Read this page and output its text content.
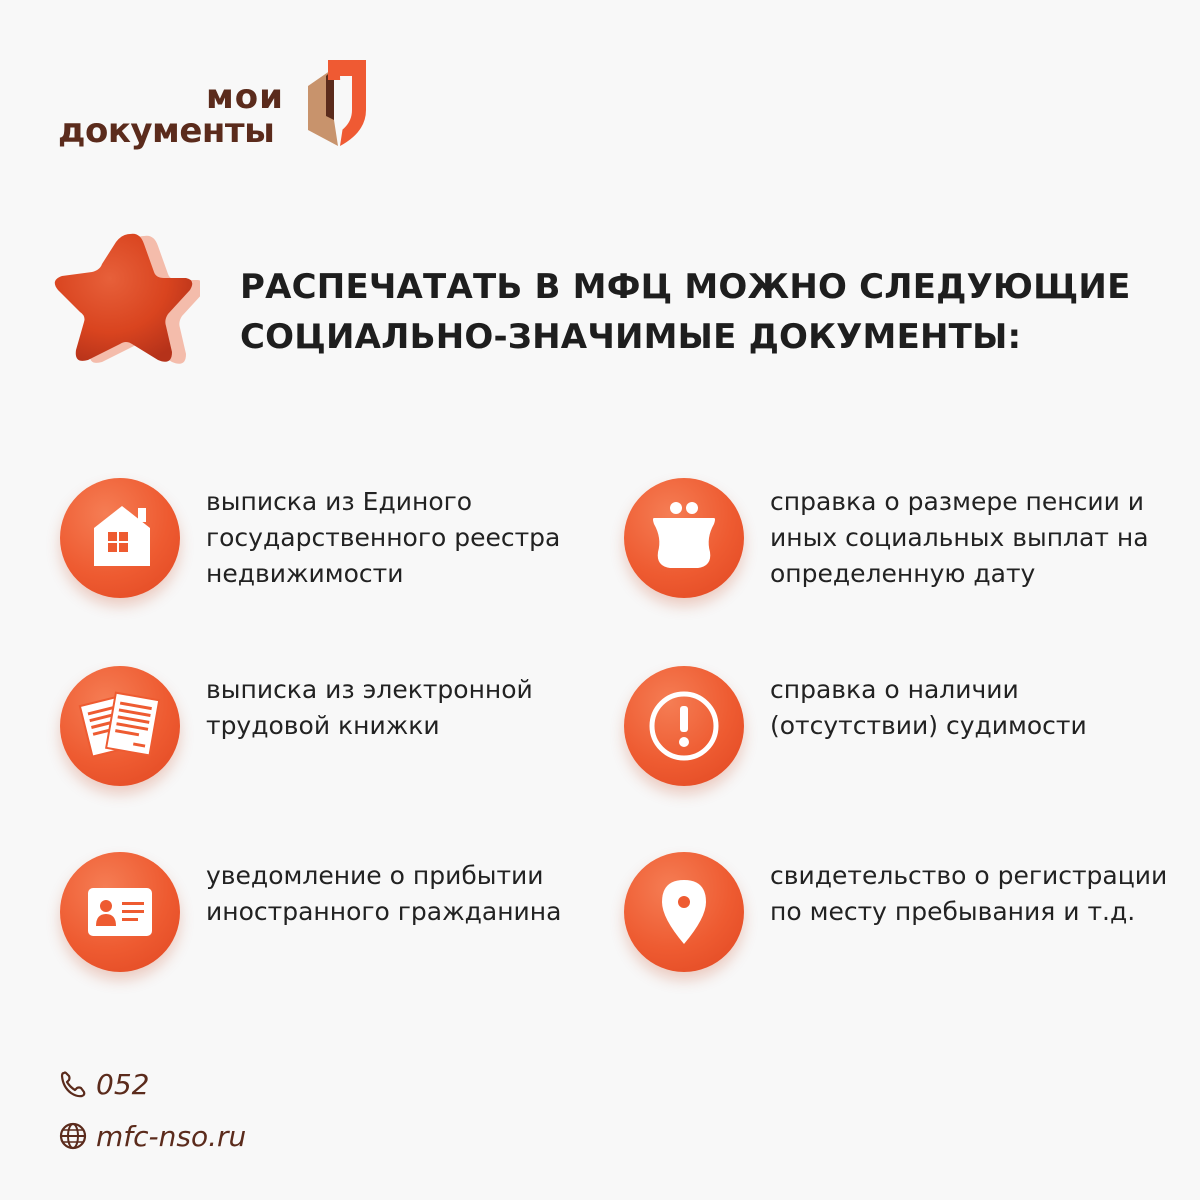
мои
документы
РАСПЕЧАТАТЬ В МФЦ МОЖНО СЛЕДУЮЩИЕ
СОЦИАЛЬНО-ЗНАЧИМЫЕ ДОКУМЕНТЫ:
выписка из Единого
государственного реестра
недвижимости
справка о размере пенсии и
иных социальных выплат на
определенную дату
выписка из электронной
трудовой книжки
справка о наличии
(отсутствии) судимости
уведомление о прибытии
иностранного гражданина
свидетельство о регистрации
по месту пребывания и т.д.
052
mfc-nso.ru
